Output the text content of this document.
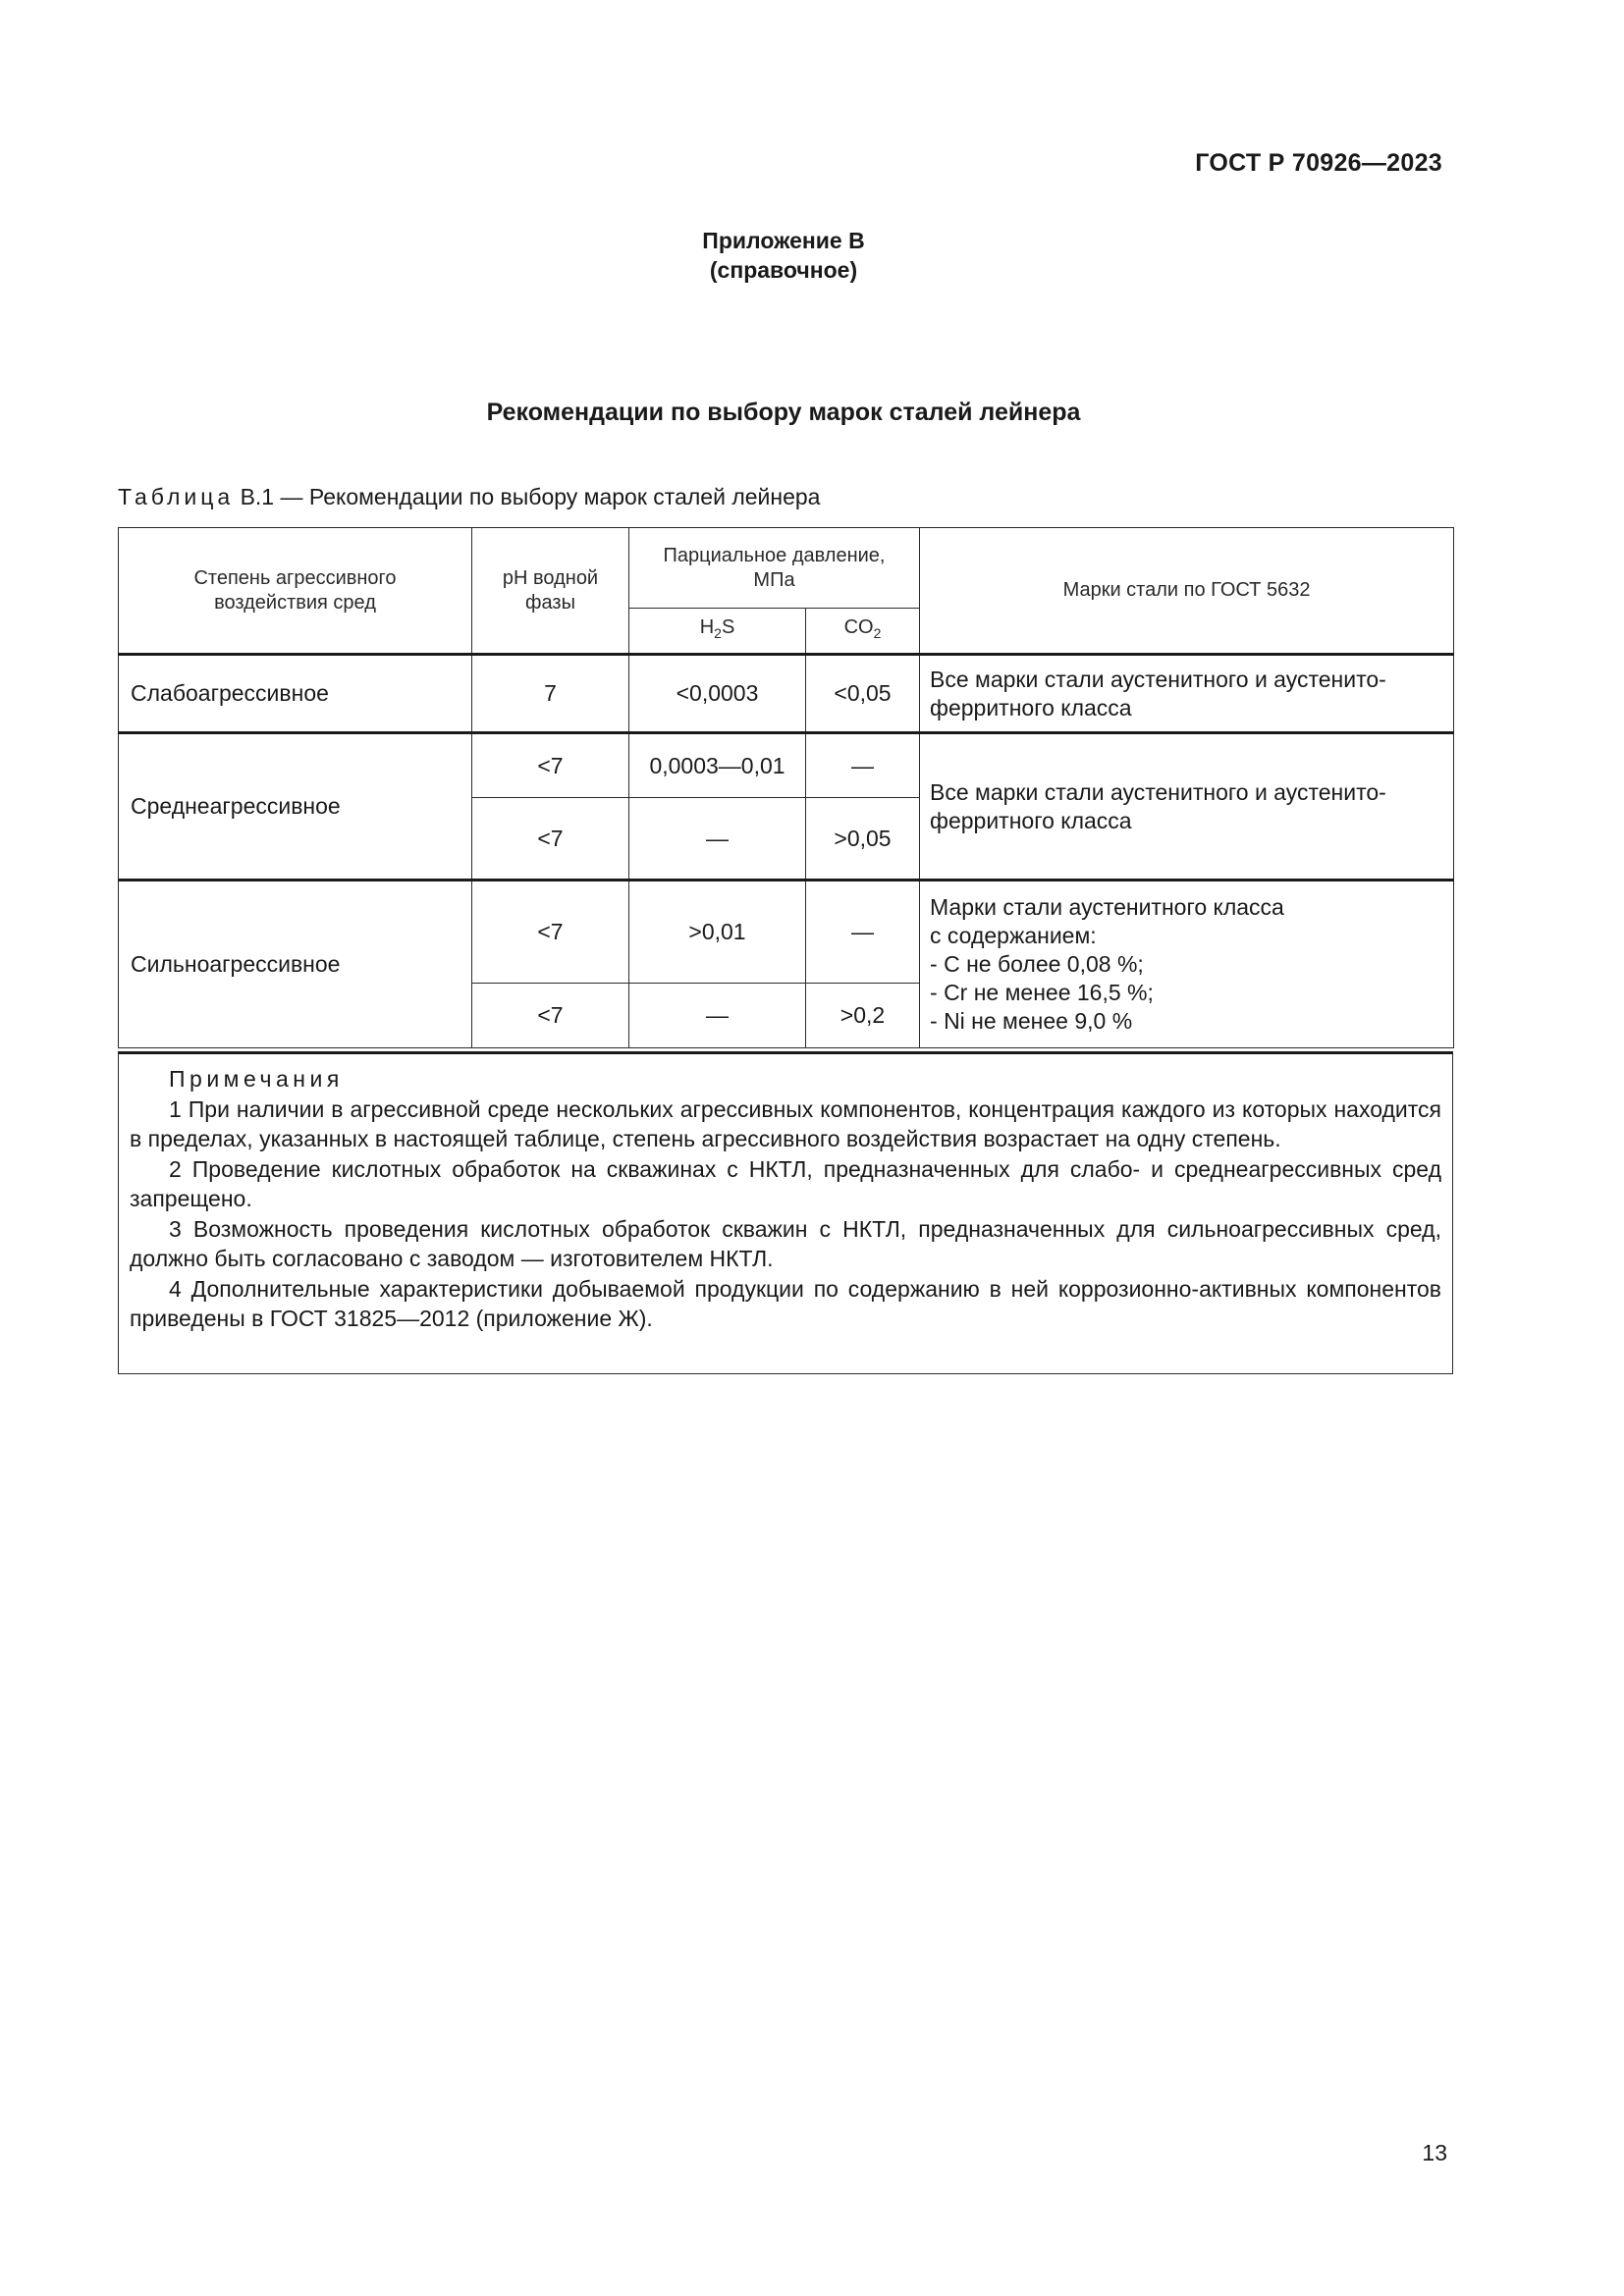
ГОСТ Р 70926—2023
Приложение В
(справочное)
Рекомендации по выбору марок сталей лейнера
Таблица В.1 — Рекомендации по выбору марок сталей лейнера
Степень агрессивного воздействия сред	pH водной фазы	Парциальное давление, МПа		Марки стали по ГОСТ 5632
		$H_2S$	$CO_2$
Слабоагрессивное	7	<0,0003	<0,05	Все марки стали аустенитного и аустенито-
ферритного класса

Среднеагрессивное	<7	0,0003—0,01	—	Все марки стали аустенитного и аустенито-
ферритного класса

	<7	—	>0,05	
Сильноагрессивное	<7	>0,01	—	Марки стали аустенитного класса
с содержанием:
- С не более 0,08 %;
- Cr не менее 16,5 %;
- Ni не менее 9,0 %

	<7	—	>0,2	
Примечания

1 При наличии в агрессивной среде нескольких агрессивных компонентов, концентрация каждого из которых находится в пределах, указанных в настоящей таблице, степень агрессивного воздействия возрастает на одну степень.

2 Проведение кислотных обработок на скважинах с НКТЛ, предназначенных для слабо- и среднеагрессивных сред запрещено.

3 Возможность проведения кислотных обработок скважин с НКТЛ, предназначенных для сильноагрессивных сред, должно быть согласовано с заводом — изготовителем НКТЛ.

4 Дополнительные характеристики добываемой продукции по содержанию в ней коррозионно-активных компонентов приведены в ГОСТ 31825—2012 (приложение Ж).

13
